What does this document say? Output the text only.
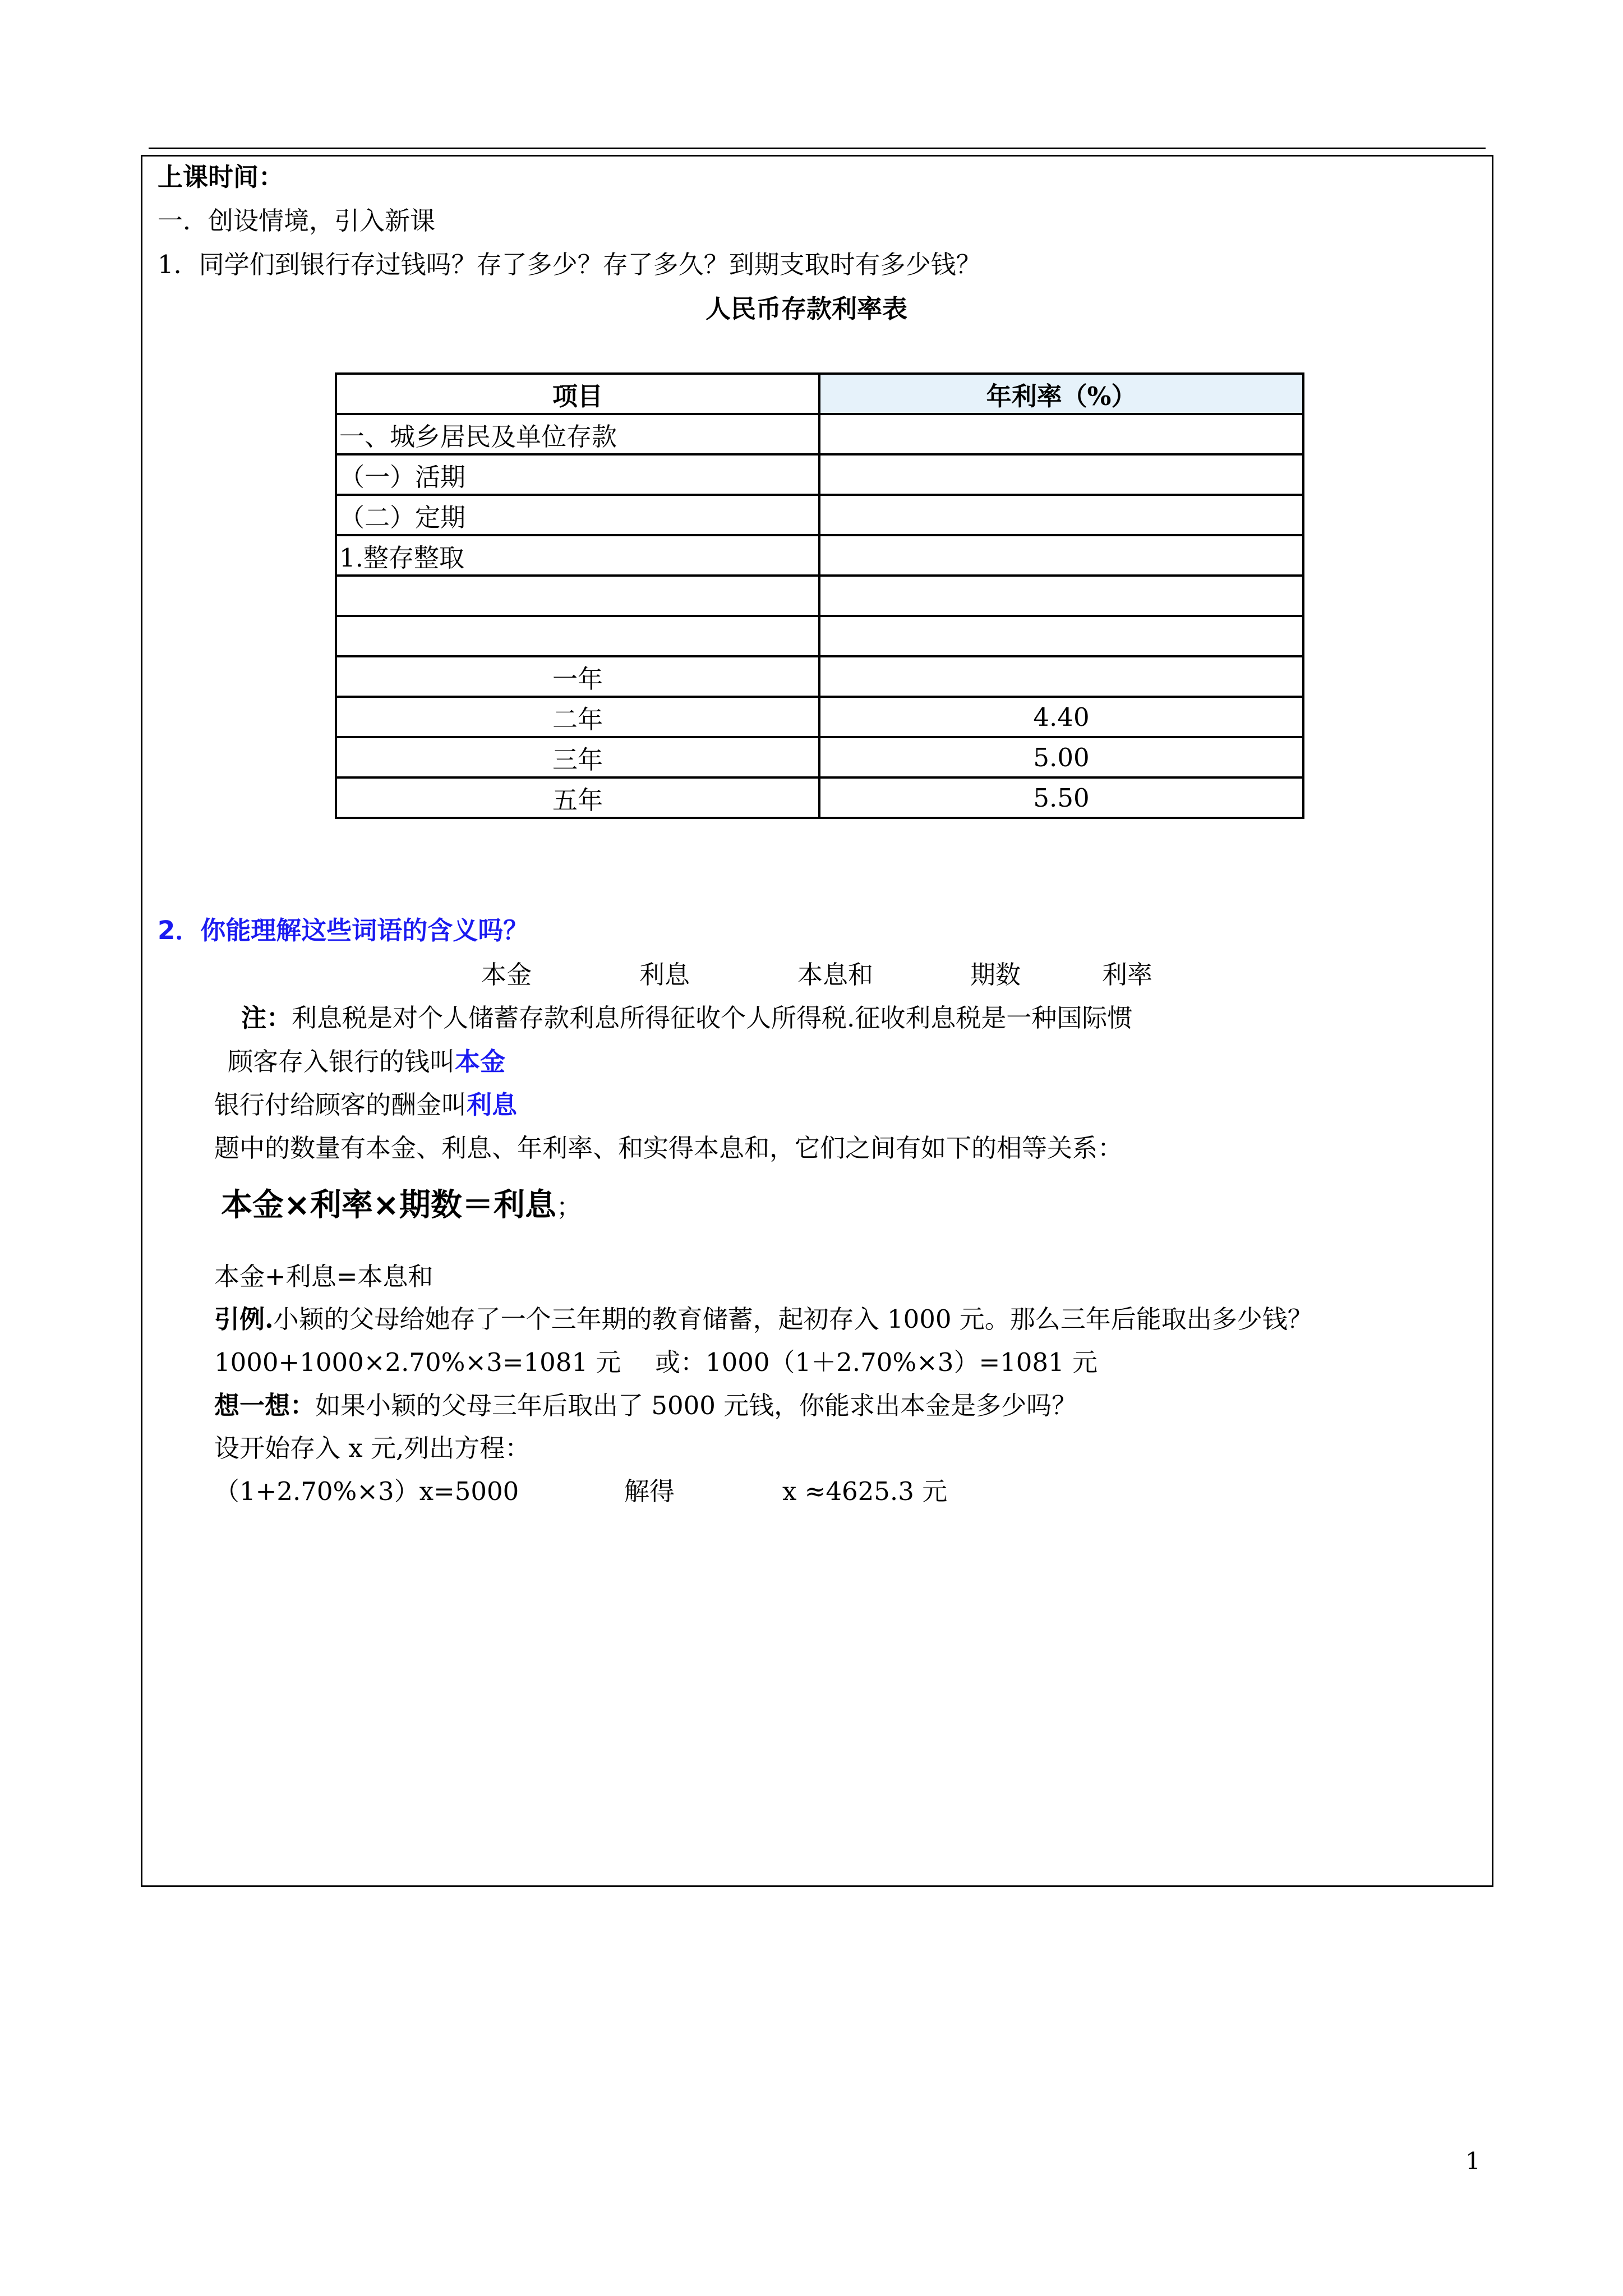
上课时间：
一．创设情境，引入新课
1．同学们到银行存过钱吗？存了多少？存了多久？到期支取时有多少钱？
人民币存款利率表
项目	年利率（%）
一、城乡居民及单位存款	
（一）活期	
（二）定期	
1.整存整取	

一年	
二年	4.40
三年	5.00
五年	5.50
2．你能理解这些词语的含义吗？
本金	利息	本息和	期数	利率
注：利息税是对个人储蓄存款利息所得征收个人所得税.征收利息税是一种国际惯
顾客存入银行的钱叫本金
银行付给顾客的酬金叫利息
题中的数量有本金、利息、年利率、和实得本息和，它们之间有如下的相等关系：
本金×利率×期数＝利息；
本金+利息=本息和
引例.小颖的父母给她存了一个三年期的教育储蓄，起初存入 1000 元。那么三年后能取出多少钱？
1000+1000×2.70%×3=1081 元 或：1000（1＋2.70%×3）=1081 元
想一想：如果小颖的父母三年后取出了 5000 元钱，你能求出本金是多少吗？
设开始存入 x 元,列出方程：
（1+2.70%×3）x=5000	解得	x ≈4625.3 元
1
